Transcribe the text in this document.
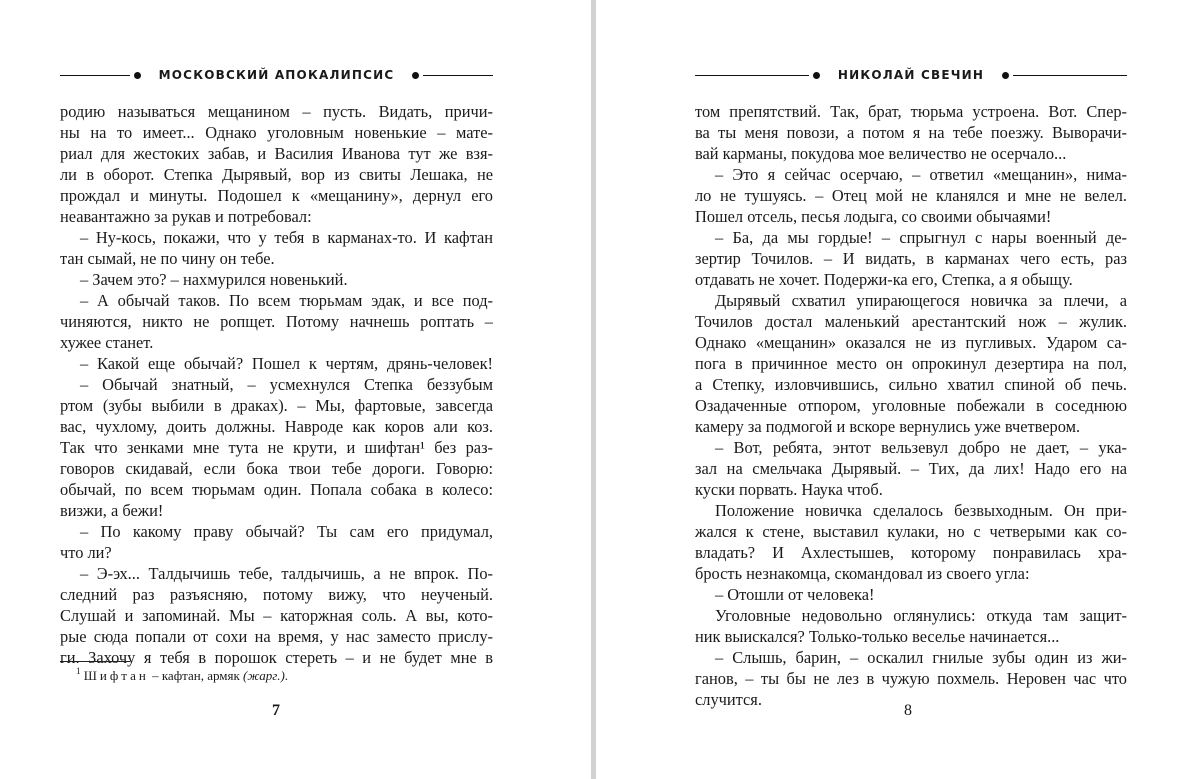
МОСКОВСКИЙ АПОКАЛИПСИС
родию называться мещанином – пусть. Видать, причи-
ны на то имеет... Однако уголовным новенькие – мате-
риал для жестоких забав, и Василия Иванова тут же взя-
ли в оборот. Степка Дырявый, вор из свиты Лешака, не
прождал и минуты. Подошел к «мещанину», дернул его
неавантажно за рукав и потребовал:
– Ну-кось, покажи, что у тебя в карманах-то. И кафтан
тан сымай, не по чину он тебе.
– Зачем это? – нахмурился новенький.
– А обычай таков. По всем тюрьмам эдак, и все под-
чиняются, никто не ропщет. Потому начнешь роптать –
хужее станет.
– Какой еще обычай? Пошел к чертям, дрянь-человек!
– Обычай знатный, – усмехнулся Степка беззубым
ртом (зубы выбили в драках). – Мы, фартовые, завсегда
вас, чухлому, доить должны. Навроде как коров али коз.
Так что зенками мне тута не крути, и шифтан¹ без раз-
говоров скидавай, если бока твои тебе дороги. Говорю:
обычай, по всем тюрьмам один. Попала собака в колесо:
визжи, а бежи!
– По какому праву обычай? Ты сам его придумал,
что ли?
– Э-эх... Талдычишь тебе, талдычишь, а не впрок. По-
следний раз разъясняю, потому вижу, что неученый.
Слушай и запоминай. Мы – каторжная соль. А вы, кото-
рые сюда попали от сохи на время, у нас заместо прислу-
ги. Захочу я тебя в порошок стереть – и не будет мне в
$^1$ Шифтан – кафтан, армяк (жарг.).
7
НИКОЛАЙ СВЕЧИН
том препятствий. Так, брат, тюрьма устроена. Вот. Спер-
ва ты меня повози, а потом я на тебе поезжу. Выворачи-
вай карманы, покудова мое величество не осерчало...
– Это я сейчас осерчаю, – ответил «мещанин», нима-
ло не тушуясь. – Отец мой не кланялся и мне не велел.
Пошел отсель, песья лодыга, со своими обычаями!
– Ба, да мы гордые! – спрыгнул с нары военный де-
зертир Точилов. – И видать, в карманах чего есть, раз
отдавать не хочет. Подержи-ка его, Степка, а я обыщу.
Дырявый схватил упирающегося новичка за плечи, а
Точилов достал маленький арестантский нож – жулик.
Однако «мещанин» оказался не из пугливых. Ударом са-
пога в причинное место он опрокинул дезертира на пол,
а Степку, изловчившись, сильно хватил спиной об печь.
Озадаченные отпором, уголовные побежали в соседнюю
камеру за подмогой и вскоре вернулись уже вчетвером.
– Вот, ребята, энтот вельзевул добро не дает, – ука-
зал на смельчака Дырявый. – Тих, да лих! Надо его на
куски порвать. Наука чтоб.
Положение новичка сделалось безвыходным. Он при-
жался к стене, выставил кулаки, но с четверыми как со-
владать? И Ахлестышев, которому понравилась хра-
брость незнакомца, скомандовал из своего угла:
– Отошли от человека!
Уголовные недовольно оглянулись: откуда там защит-
ник выискался? Только-только веселье начинается...
– Слышь, барин, – оскалил гнилые зубы один из жи-
ганов, – ты бы не лез в чужую похмель. Неровен час что
случится.
8
